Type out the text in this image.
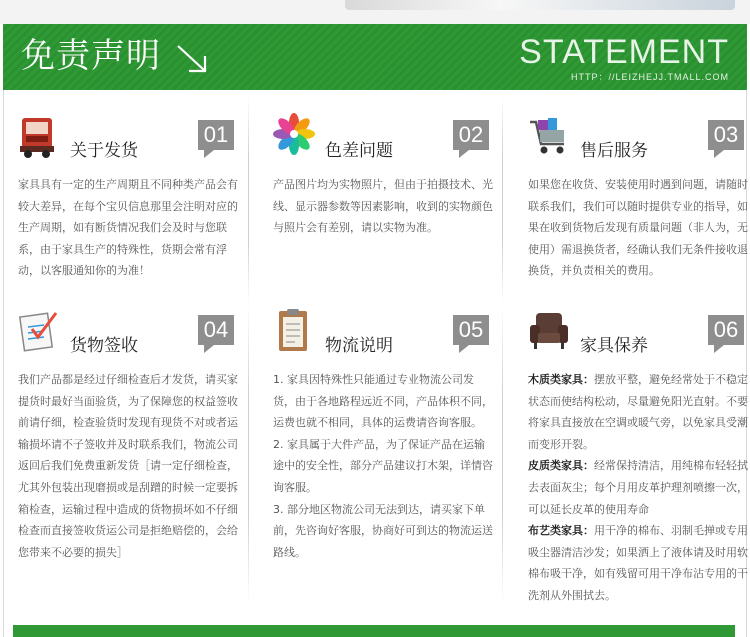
免责声明	STATEMENT
HTTP：//LEIZHEJJ.TMALL.COM
关于发货
01

家具具有一定的生产周期且不同种类产品会有较大差异，在每个宝贝信息那里会注明对应的生产周期，如有断货情况我们会及时与您联系，由于家具生产的特殊性，货期会常有浮动，以客服通知你的为准！

色差问题
02

产品图片均为实物照片，但由于拍摄技术、光线、显示器参数等因素影响，收到的实物颜色与照片会有差别，请以实物为准。

售后服务
03

如果您在收货、安装使用时遇到问题，请随时联系我们，我们可以随时提供专业的指导，如果在收到货物后发现有质量问题（非人为，无使用）需退换货者，经确认我们无条件接收退换货，并负责相关的费用。

货物签收
04

我们产品都是经过仔细检查后才发货，请买家提货时最好当面验货，为了保障您的权益签收前请仔细，检查验货时发现有现货不对或者运输损坏请不子签收并及时联系我们，物流公司返回后我们免费重新发货［请一定仔细检查，尤其外包装出现磨损或是刮蹭的时候一定要拆箱检查，运输过程中造成的货物损坏如不仔细检查而直接签收货运公司是拒绝赔偿的，会给您带来不必要的损失］

物流说明
05

1. 家具因特殊性只能通过专业物流公司发货，由于各地路程远近不同，产品体积不同，运费也就不相同，具体的运费请咨询客服。

2. 家具属于大件产品，为了保证产品在运输途中的安全性，部分产品建议打木架，详情咨询客服。

3. 部分地区物流公司无法到达，请买家下单前，先咨询好客服，协商好可到达的物流运送路线。

家具保养
06

木质类家具：摆放平整，避免经常处于不稳定状态而使结构松动，尽量避免阳光直射。不要将家具直接放在空调或暖气旁，以免家具受潮而变形开裂。

皮质类家具：经常保持清洁，用纯棉布轻轻拭去表面灰尘；每个月用皮革护理剂喷擦一次，可以延长皮革的使用寿命

布艺类家具：用干净的棉布、羽制毛掸或专用吸尘器清洁沙发；如果洒上了液体请及时用软棉布吸干净，如有残留可用干净布沾专用的干洗剂从外围拭去。
